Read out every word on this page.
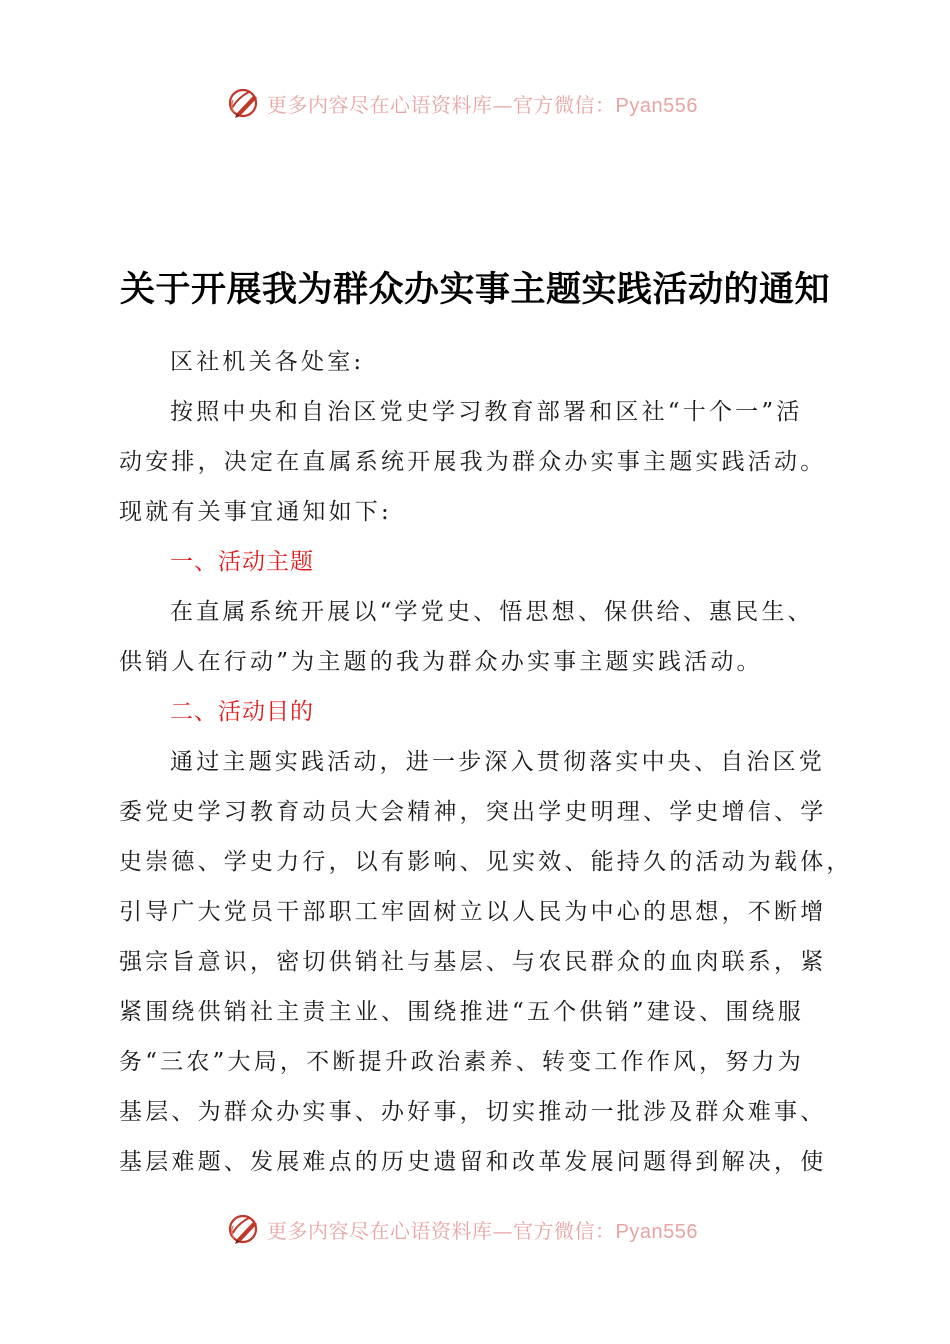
更多内容尽在心语资料库—官方微信：Pyan556
关于开展我为群众办实事主题实践活动的通知
区社机关各处室:
按照中央和自治区党史学习教育部署和区社“十个一”活
动安排，决定在直属系统开展我为群众办实事主题实践活动。
现就有关事宜通知如下:
一、活动主题
在直属系统开展以“学党史、悟思想、保供给、惠民生、
供销人在行动”为主题的我为群众办实事主题实践活动。
二、活动目的
通过主题实践活动，进一步深入贯彻落实中央、自治区党
委党史学习教育动员大会精神，突出学史明理、学史增信、学
史崇德、学史力行，以有影响、见实效、能持久的活动为载体，
引导广大党员干部职工牢固树立以人民为中心的思想，不断增
强宗旨意识，密切供销社与基层、与农民群众的血肉联系，紧
紧围绕供销社主责主业、围绕推进“五个供销”建设、围绕服
务“三农”大局，不断提升政治素养、转变工作作风，努力为
基层、为群众办实事、办好事，切实推动一批涉及群众难事、
基层难题、发展难点的历史遗留和改革发展问题得到解决，使
更多内容尽在心语资料库—官方微信：Pyan556
